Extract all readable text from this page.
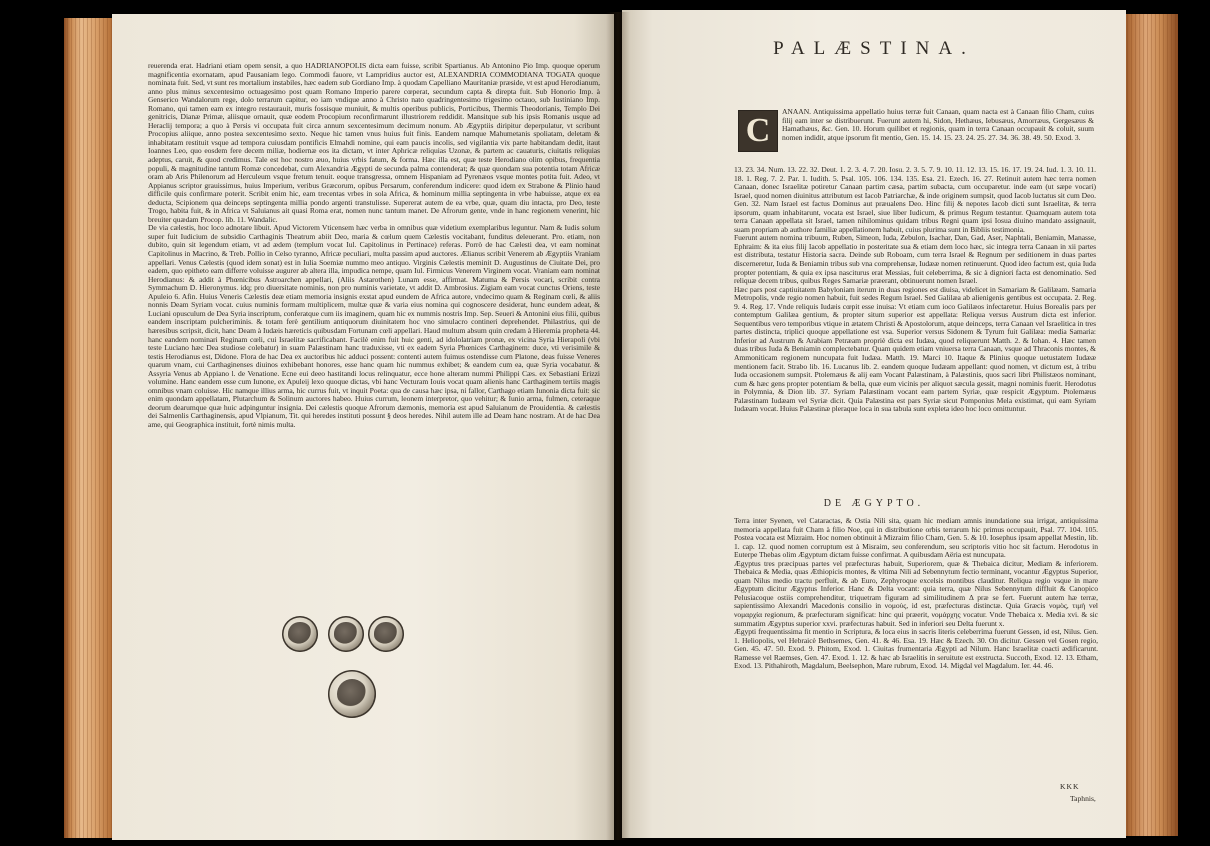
reuerenda erat. Hadriani etiam opem sensit, a quo HADRIANOPOLIS dicta eam fuisse, scribit Spartianus. Ab Antonino Pio Imp. quoque operum magnificentia exornatam, apud Pausaniam lego. Commodi fauore, vt Lampridius auctor est, ALEXANDRIA COMMODIANA TOGATA quoque nominata fuit. Sed, vt sunt res mortalium instabiles, hæc eadem sub Gordiano Imp. à quodam Capelliano Mauritaniæ præside, vt est apud Herodianum, anno plus minus sexcentesimo octuagesimo post quam Romano Imperio parere cœperat, secundum capta & direpta fuit. Sub Honorio Imp. à Genserico Wandalorum rege, dolo terrarum capitur, eo iam vndique anno à Christo nato quadringentesimo trigesimo octauo, sub Iustiniano Imp. Romano, qui tamen eam ex integro restaurauit, muris fossisque muniuit, & multis operibus publicis, Porticibus, Thermis Theodorianis, Templo Dei genitricis, Dianæ Primæ, aliisque ornauit, quæ eodem Procopium reconfirmarunt illustriorem reddidit. Mansitque sub his ipsis Romanis usque ad Heraclij tempora; a quo à Persis vi occupata fuit circa annum sexcentesimum decimum nonum. Ab Ægyptiis diripitur deperpulatur, vt scribunt Procopius aliique, anno postea sexcentesimo sexto. Neque hic tamen vnus huius fuit finis. Eandem namque Mahumetanis spoliatam, deletam & inhabitatam restituit vsque ad tempora cuiusdam pontificis Elmahdi nomine, qui eam paucis incolis, sed vigilantia vix parte habitandam dedit, itaut Ioannes Leo, quo eosdem fere decem miliæ, hodiernæ eos ita dictam, vt inter Aphricæ reliquias Uzonæ, & partem ac cauaturis, ciuitatis reliquias adeptus, caruit, & quod credimus. Tale est hoc nostro æuo, huius vrbis fatum, & forma. Hæc illa est, quæ teste Herodiano olim opibus, frequentia populi, & magnitudine tantum Romæ concedebat, cum Alexandria Ægypti de secunda palma contenderat; & quæ quondam sua potentia totam Africæ oram ab Aris Philenorum ad Herculeum vsque fretum tenuit. eoque transgressa, omnem Hispaniam ad Pyrenæos vsque montes potita fuit. Adeo, vt Appianus scriptor grauissimus, huius Imperium, veribus Græcorum, opibus Persarum, conferendum indicere: quod idem ex Strabone & Plinio haud difficile quis confirmare poterit. Scribit enim hic, eam trecentas vrbes in sola Africa, & hominum millia septingenta in vrbe habuisse, atque ex ea deducta, Scipionem qua deinceps septingenta millia pondo argenti transtulisse. Supererat autem de ea vrbe, quæ, quam diu intacta, pro Deo, teste Trogo, habita fuit, & in Africa vt Saluianus ait quasi Roma erat, nomen nunc tantum manet. De Afrorum gente, vnde in hanc regionem venerint, hic breuiter quædam Procop. lib. 11. Wandalic.

De via cælestis, hoc loco adnotare libuit. Apud Victorem Vticensem hæc verba in omnibus quæ videtium exemplaribus leguntur. Nam & Iudis solum super fuit Iudicium de subsidio Carthaginis Theatrum abiit Deo, maria & cœlum quem Cælestis vocitabant, funditus deleuerant. Pro. etiam, non dubito, quin sit legendum etiam, vt ad ædem (templum vocat Iul. Capitolinus in Pertinace) referas. Porrò de hac Cælesti dea, vt eam nominat Capitolinus in Macrino, & Treb. Pollio in Celso tyranno, Africæ peculiari, multa passim apud auctores. Ælianus scribit Venerem ab Ægyptiis Vraniam appellari. Venus Cælestis (quod idem sonat) est in Iulia Soemiæ nummo meo antiquo. Virginis Cælestis meminit D. Augustinus de Ciuitate Dei, pro eadem, quo epitheto eam differre voluisse augurer ab altera illa, impudica nempe, quam Iul. Firmicus Venerem Virginem vocat. Vraniam eam nominat Herodianus: & addit à Phœnicibus Astroarchen appellari, (Aliis Astarothen) Lunam esse, affirmat. Matuma & Persis vocari, scribit contra Symmachum D. Hieronymus. idq; pro diuersitate nominis, non pro numinis varietate, vt addit D. Ambrosius. Zigiam eam vocat cunctus Oriens, teste Apuleio 6. Afin. Huius Veneris Cælestis deæ etiam memoria insignis exstat apud eundem de Africa autore, vndecimo quam & Reginam cœli, & aliis nonnis Deam Syriam vocat. cuius numinis formam multiplicem, multæ quæ & varia eius nomina qui cognoscere desiderat, hunc eundem adeat, & Luciani opusculum de Dea Syria inscriptum, conferatque cum iis imaginem, quam hic ex nummis nostris Imp. Sep. Seueri & Antonini eius filii, quibus eandem inscriptam pulcheriminis. & totam ferè gentilium antiquorum diuinitatem hoc vno simulacro contineri deprehendet. Philastrius, qui de hæresibus scripsit, dicit, hanc Deam à Iudæis hæreticis quibusdam Fortunam cœli appellari. Haud multum absum quin credam à Hieremia propheta 44. hanc eandem nominari Reginam cœli, cui Israelitæ sacrificabant. Facilè enim fuit huic genti, ad idololatriam pronæ, ex vicina Syria Hierapoli (vbi teste Luciano hæc Dea studiose colebatur) in suam Palæstinam hanc traduxisse, vti ex eadem Syria Phœnices Carthaginem: duce, vti verisimile & testis Herodianus est, Didone. Flora de hac Dea ex auctoribus hic adduci possent: contenti autem fuimus ostendisse cum Platone, deas fuisse Veneres quarum vnam, cui Carthaginenses diuinos exhibebant honores, esse hanc quam hic nummus exhibet; & eandem cum ea, quæ Syria vocabatur. & Assyria Venus ab Appiano l. de Venatione. Ecne eui deeo hastitandi locus relinquatur, ecce hone alteram nummi Philippi Cæs. ex Sebastiani Erizzi volumine. Hanc eandem esse cum Iunone, ex Apuleij lexo quoque dictas, vbi hanc Vecturam Iouis vocat quam alienis hanc Carthaginem tertiis magis omnibus vnam coluisse. Hic namque illius arma, hic currus fuit, vt inquit Poeta: qua de causa hæc ipsa, ni fallor, Carthago etiam Iunonia dicta fuit: sic enim quondam appellatam, Plutarchum & Solinum auctores habeo. Huius currum, leonem interpretor, quo vehitur; & Iunio arma, fulmen, ceteraque deorum dearumque quæ huic adpinguntur insignia. Dei cælestis quoque Afrorum dæmonis, memoria est apud Saluianum de Prouidentia. & cælestis dei Salmenlis Carthaginensis, apud Vlpianum, Tit. qui heredes instituti possunt § deos heredes. Nihil autem ille ad Deam hanc nostram. At de hac Dea ame, qui Geographica instituit, fortè nimis multa.

PALÆSTINA.
C

ANAAN. Antiquissima appellatio huius terræ fuit Canaan, quam nacta est à Canaan filio Cham, cuius filij eam inter se distribuerunt. Fuerunt autem hi, Sidon, Hethæus, Iebusæus, Amorræus, Gergesæus & Hamathæus, &c. Gen. 10. Horum quilibet et regionis, quam in terra Canaan occupauit & coluit, suum nomen indidit, atque ipsorum fit mentio, Gen. 15. 14. 15. 23. 24. 25. 27. 34. 36. 38. 49. 50. Exod. 3.

13. 23. 34. Num. 13. 22. 32. Deut. 1. 2. 3. 4. 7. 20. Iosu. 2. 3. 5. 7. 9. 10. 11. 12. 13. 15. 16. 17. 19. 24. Iud. 1. 3. 10. 11. 18. 1. Reg. 7. 2. Par. 1. Iudith. 5. Psal. 105. 106. 134. 135. Esa. 21. Ezech. 16. 27. Retinuit autem hæc terra nomen Canaan, donec Israelitæ potiretur Canaan partim cæsa, partim subacta, cum occuparetur. inde eam (ut sæpe vocari) Israel, quod nomen diuinitus attributum est Iacob Patriarchæ, & inde originem sumpsit, quod Iacob luctatus sit cum Deo. Gen. 32. Nam Israel est factus Dominus aut præualens Deo. Hinc filij & nepotes Iacob dicti sunt Israelitæ, & terra ipsorum, quam inhabitarunt, vocata est Israel, siue liber Iudicum, & primus Regum testantur. Quamquam autem tota terra Canaan appellata sit Israel, tamen nihilominus quidam tribus Regni quam ipsi Iosua diuino mandato assignauit, suam propriam ab authore familiæ appellationem habuit, cuius plurima sunt in Bibliis testimonia.

Fuerunt autem nomina tribuum, Ruben, Simeon, Iuda, Zebulon, Isachar, Dan, Gad, Aser, Naphtali, Beniamin, Manasse, Ephraim: & ita eius filij Iacob appellatio in posteritate sua & etiam dem loco hæc, sic integra terra Canaan in xii partes est distributa, testatur Historia sacra. Deinde sub Roboam, cum terra Israel & Regnum per seditionem in duas partes discerneretur, Iuda & Beniamin tribus sub vna comprehensæ, Iudææ nomen retinuerunt. Quod ideo factum est, quia Iuda propter potentiam, & quia ex ipsa nasciturus erat Messias, fuit celeberrima, & sic à digniori facta est denominatio. Sed reliquæ decem tribus, quibus Reges Samariæ præerant, obtinuerunt nomen Israel.

Hæc pars post captiuitatem Babyloniam iterum in duas regiones est diuisa, videlicet in Samariam & Galilæam. Samaria Metropolis, vnde regio nomen habuit, fuit sedes Regum Israel. Sed Galilæa ab alienigenis gentibus est occupata. 2. Reg. 9. 4. Reg. 17. Vnde reliquis Iudæis cœpit esse inuisa: Vt etiam cum ioco Galilæos infectaretur. Huius Borealis pars per contemptum Galilæa gentium, & propter situm superior est appellata: Reliqua versus Austrum dicta est inferior. Sequentibus vero temporibus vtique in ætatem Christi & Apostolorum, atque deinceps, terra Canaan vel Israelitica in tres partes distincta, triplici quoque appellatione est vsa. Superior versus Sidonem & Tyrum fuit Galilæa: media Samaria: Inferior ad Austrum & Arabiam Petræam propriè dicta est Iudæa, quod reliquerunt Matth. 2. & Iohan. 4. Hæc tamen duas tribus Iuda & Beniamin complectebatur. Quam quidem etiam vniuersa terra Canaan, vsque ad Thraconis montes, & Ammoniticam regionem nuncupata fuit Iudæa. Matth. 19. Marci 10. Itaque & Plinius quoque uetustatem Iudææ mentionem facit. Strabo lib. 16. Lucanus lib. 2. eandem quoque Iudæam appellant: quod nomen, vt dictum est, à tribu Iuda occasionem sumpsit. Ptolemæus & alij eam Vocant Palæstinam, à Palæstinis, quos sacri libri Philistæos nominant, cum & hæc gens propter potentiam & bella, quæ eum vicinis per aliquot sæcula gessit, magni nominis fuerit. Herodotus in Polymnia, & Dion lib. 37. Syriam Palæstinam vocant eam partem Syriæ, quæ respicit Ægyptum. Ptolemæus Palæstinam Iudæam vel Syriæ dicit. Quia Palæstina est pars Syriæ sicut Pomponius Mela existimat, qui eam Syriam Iudæam vocat. Huius Palæstinæ pleraque loca in sua tabula sunt expleta ideo hoc loco omittuntur.

DE ÆGYPTO.

Terra inter Syenen, vel Cataractas, & Ostia Nili sita, quam hic mediam amnis inundatione sua irrigat, antiquissima memoria appellata fuit Cham à filio Noe, qui in distributione orbis terrarum hic primus occupauit, Psal. 77. 104. 105. Postea vocata est Mizraim. Hoc nomen obtinuit à Mizraim filio Cham, Gen. 5. & 10. Iosephus ipsam appellat Mestin, lib. 1. cap. 12. quod nomen corruptum est à Misraim, seu conferendum, seu scriptoris vitio hoc sit factum. Herodotus in Euterpe Thebas olim Ægyptum dictam fuisse confirmat. A quibusdam Aëria est nuncupata.

Ægyptus tres præcipuas partes vel præfecturas habuit, Superiorem, quæ & Thebaica dicitur, Mediam & inferiorem. Thebaica & Media, quas Æthiopicis montes, & vltima Nili ad Sebennytum fectio terminant, vocantur Ægyptus Superior, quam Nilus medio tractu perfluit, & ab Euro, Zephyroque excelsis montibus clauditur. Reliqua regio vsque in mare Ægyptum dicitur Ægyptus Inferior. Hanc & Delta vocant: quia terra, quæ Nilus Sebennytum diffluit & Canopico Pelusiacoque ostiis comprehenditur, triquetram figuram ad similitudinem Δ præ se fert. Fuerunt autem hæ terræ, sapientissimo Alexandri Macedonis consilio in νομοὺς, id est, præfecturas distinctæ. Quia Græcis νομὸς, τιμὴ vel νομαρχία regionum, & præfecturam significat: hinc qui præerit, νομάρχης vocatur. Vnde Thebaica x. Media xvi. & sic summatim Ægyptus superior xxvi. præfecturas habuit. Sed in inferiori seu Delta fuerunt x.

Ægypti frequentissima fit mentio in Scriptura, & loca eius in sacris literis celeberrima fuerunt Gessen, id est, Nilus. Gen. 1. Heliopolis, vel Hebraicè Bethsemes, Gen. 41. & 46. Esa. 19. Hæc & Ezech. 30. On dicitur. Gessen vel Gosen regio, Gen. 45. 47. 50. Exod. 9. Phitom, Exod. 1. Ciuitas frumentaria Ægypti ad Nilum. Hanc Israelitæ coacti ædificarunt. Ramesse vel Raemses, Gen. 47. Exod. 1. 12. & hæc ab Israelitis in seruitute est exstructa. Succoth, Exod. 12. 13. Etham, Exod. 13. Pithahiroth, Magdalum, Beelsephon, Mare rubrum, Exod. 14. Migdal vel Magdalum. Ier. 44. 46.

KKK
Taphnis,
